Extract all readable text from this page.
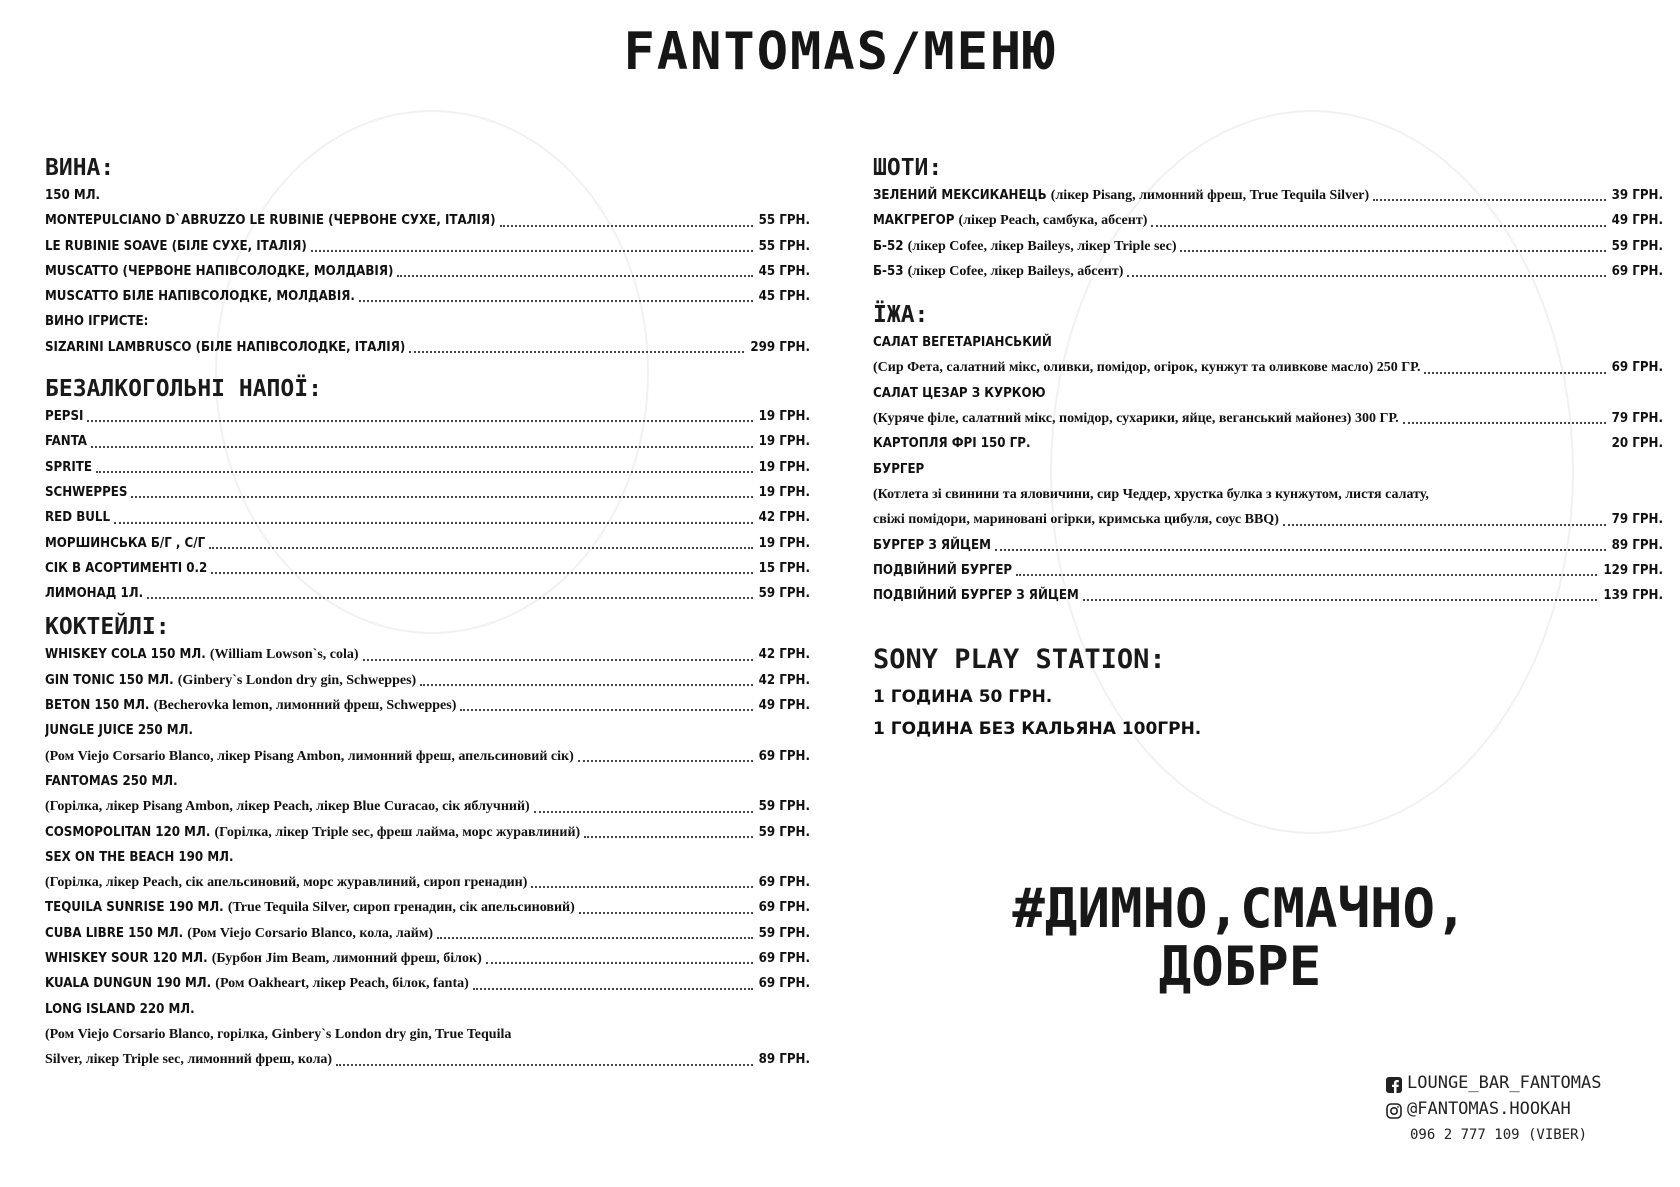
FANTOMAS/МЕНЮ
ВИНА:
150 МЛ.
MONTEPULCIANO D`ABRUZZO LE RUBINIE (ЧЕРВОНЕ СУХЕ, ІТАЛІЯ)	55 ГРН.
LE RUBINIE SOAVE (БІЛЕ СУХЕ, ІТАЛІЯ)	55 ГРН.
MUSCATTO (ЧЕРВОНЕ НАПІВСОЛОДКЕ, МОЛДАВІЯ)	45 ГРН.
MUSCATTO БІЛЕ НАПІВСОЛОДКЕ, МОЛДАВІЯ.	45 ГРН.
ВИНО ІГРИСТЕ:
SIZARINI LAMBRUSCO (БІЛЕ НАПІВСОЛОДКЕ, ІТАЛІЯ)	299 ГРН.
БЕЗАЛКОГОЛЬНІ НАПОЇ:
PEPSI	19 ГРН.
FANTA	19 ГРН.
SPRITE	19 ГРН.
SCHWEPPES	19 ГРН.
RED BULL	42 ГРН.
МОРШИНСЬКА Б/Г , С/Г	19 ГРН.
СІК В АСОРТИМЕНТІ 0.2	15 ГРН.
ЛИМОНАД 1Л.	59 ГРН.
КОКТЕЙЛІ:
WHISKEY COLA 150 МЛ. (William Lowson`s, cola)	42 ГРН.
GIN TONIC 150 МЛ. (Ginbery`s London dry gin, Schweppes)	42 ГРН.
BETON 150 МЛ. (Becherovka lemon, лимонний фреш, Schweppes)	49 ГРН.
JUNGLE JUICE 250 МЛ.
(Ром Viejo Corsario Blanco, лікер Pisang Ambon, лимонний фреш, апельсиновий сік)	69 ГРН.
FANTOMAS 250 МЛ.
(Горілка, лікер Pisang Ambon, лікер Peach, лікер Blue Curacao, сік яблучний)	59 ГРН.
COSMOPOLITAN 120 МЛ. (Горілка, лікер Triple sec, фреш лайма, морс журавлиний)	59 ГРН.
SEX ON THE BEACH 190 МЛ.
(Горілка, лікер Peach, сік апельсиновий, морс журавлиний, сироп гренадин)	69 ГРН.
TEQUILA SUNRISE 190 МЛ. (True Tequila Silver, сироп гренадин, сік апельсиновий)	69 ГРН.
CUBA LIBRE 150 МЛ. (Ром Viejo Corsario Blanco, кола, лайм)	59 ГРН.
WHISKEY SOUR 120 МЛ. (Бурбон Jim Beam, лимонний фреш, білок)	69 ГРН.
KUALA DUNGUN 190 МЛ. (Ром Oakheart, лікер Peach, білок, fanta)	69 ГРН.
LONG ISLAND 220 МЛ.
(Ром Viejo Corsario Blanco, горілка, Ginbery`s London dry gin, True Tequila
Silver, лікер Triple sec, лимонний фреш, кола)	89 ГРН.
ШОТИ:
ЗЕЛЕНИЙ МЕКСИКАНЕЦЬ (лікер Pisang, лимонний фреш, True Tequila Silver)	39 ГРН.
МАКГРЕГОР (лікер Peach, самбука, абсент)	49 ГРН.
Б-52 (лікер Cofee, лікер Baileys, лікер Triple sec)	59 ГРН.
Б-53 (лікер Cofee, лікер Baileys, абсент)	69 ГРН.
ЇЖА:
САЛАТ ВЕГЕТАРІАНСЬКИЙ
(Сир Фета, салатний мікс, оливки, помідор, огірок, кунжут та оливкове масло) 250 ГР.	69 ГРН.
САЛАТ ЦЕЗАР З КУРКОЮ
(Куряче філе, салатний мікс, помідор, сухарики, яйце, веганський майонез) 300 ГР.	79 ГРН.
КАРТОПЛЯ ФРІ 150 ГР.	20 ГРН.
БУРГЕР
(Котлета зі свинини та яловичини, сир Чеддер, хрустка булка з кунжутом, листя салату,
свіжі помідори, мариновані огірки, кримська цибуля, соус BBQ)	79 ГРН.
БУРГЕР З ЯЙЦЕМ	89 ГРН.
ПОДВІЙНИЙ БУРГЕР	129 ГРН.
ПОДВІЙНИЙ БУРГЕР З ЯЙЦЕМ	139 ГРН.
SONY PLAY STATION:
1 ГОДИНА 50 ГРН.
1 ГОДИНА БЕЗ КАЛЬЯНА 100ГРН.
#ДИМНО,СМАЧНО,
ДОБРЕ
LOUNGE_BAR_FANTOMAS
@FANTOMAS.HOOKAH
096 2 777 109 (VIBER)
